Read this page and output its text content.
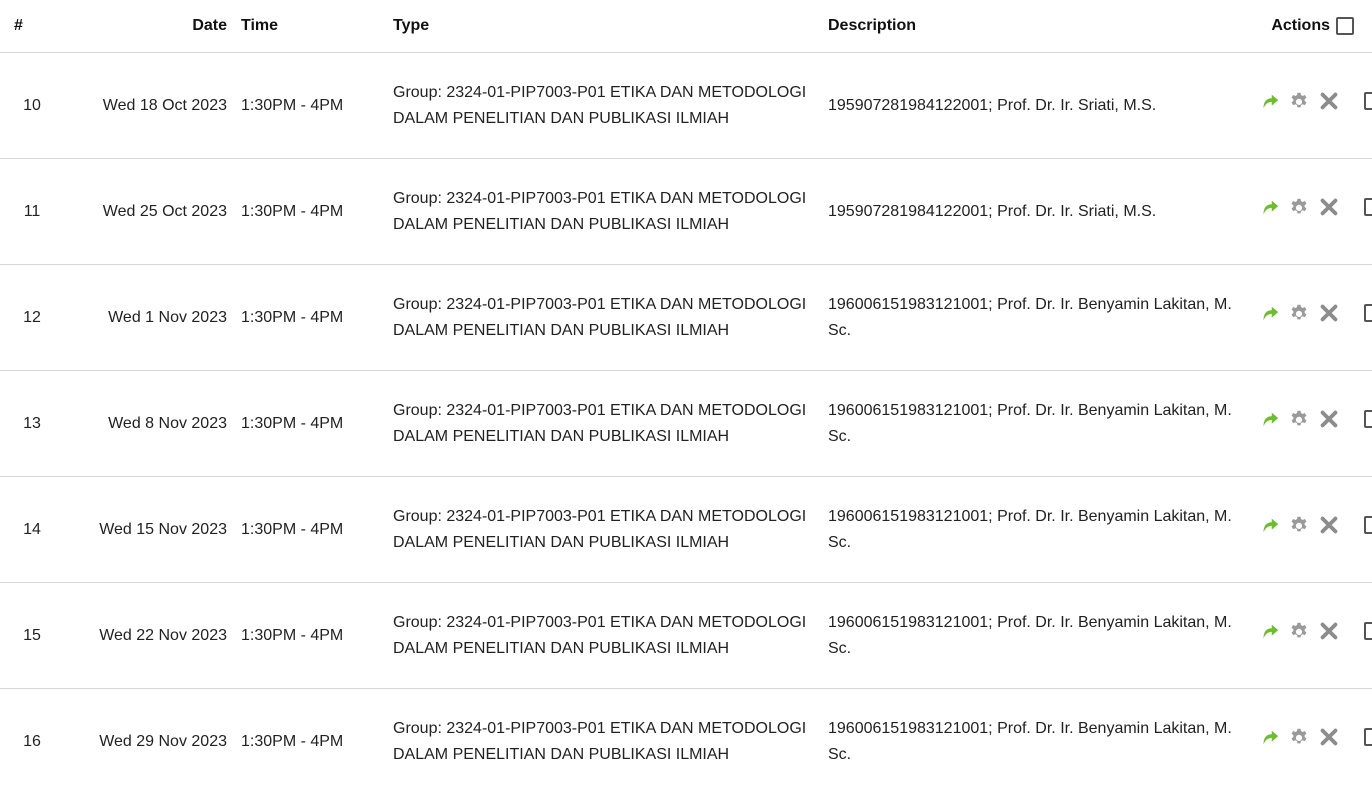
#	Date	Time	Type	Description	Actions

10	Wed 18 Oct 2023	1:30PM - 4PM	Group: 2324-01-PIP7003-P01 ETIKA DAN METODOLOGI DALAM PENELITIAN DAN PUBLIKASI ILMIAH	195907281984122001; Prof. Dr. Ir. Sriati, M.S.	

11	Wed 25 Oct 2023	1:30PM - 4PM	Group: 2324-01-PIP7003-P01 ETIKA DAN METODOLOGI DALAM PENELITIAN DAN PUBLIKASI ILMIAH	195907281984122001; Prof. Dr. Ir. Sriati, M.S.	

12	Wed 1 Nov 2023	1:30PM - 4PM	Group: 2324-01-PIP7003-P01 ETIKA DAN METODOLOGI DALAM PENELITIAN DAN PUBLIKASI ILMIAH	196006151983121001; Prof. Dr. Ir. Benyamin Lakitan, M. Sc.	

13	Wed 8 Nov 2023	1:30PM - 4PM	Group: 2324-01-PIP7003-P01 ETIKA DAN METODOLOGI DALAM PENELITIAN DAN PUBLIKASI ILMIAH	196006151983121001; Prof. Dr. Ir. Benyamin Lakitan, M. Sc.	

14	Wed 15 Nov 2023	1:30PM - 4PM	Group: 2324-01-PIP7003-P01 ETIKA DAN METODOLOGI DALAM PENELITIAN DAN PUBLIKASI ILMIAH	196006151983121001; Prof. Dr. Ir. Benyamin Lakitan, M. Sc.	

15	Wed 22 Nov 2023	1:30PM - 4PM	Group: 2324-01-PIP7003-P01 ETIKA DAN METODOLOGI DALAM PENELITIAN DAN PUBLIKASI ILMIAH	196006151983121001; Prof. Dr. Ir. Benyamin Lakitan, M. Sc.	

16	Wed 29 Nov 2023	1:30PM - 4PM	Group: 2324-01-PIP7003-P01 ETIKA DAN METODOLOGI DALAM PENELITIAN DAN PUBLIKASI ILMIAH	196006151983121001; Prof. Dr. Ir. Benyamin Lakitan, M. Sc.	
